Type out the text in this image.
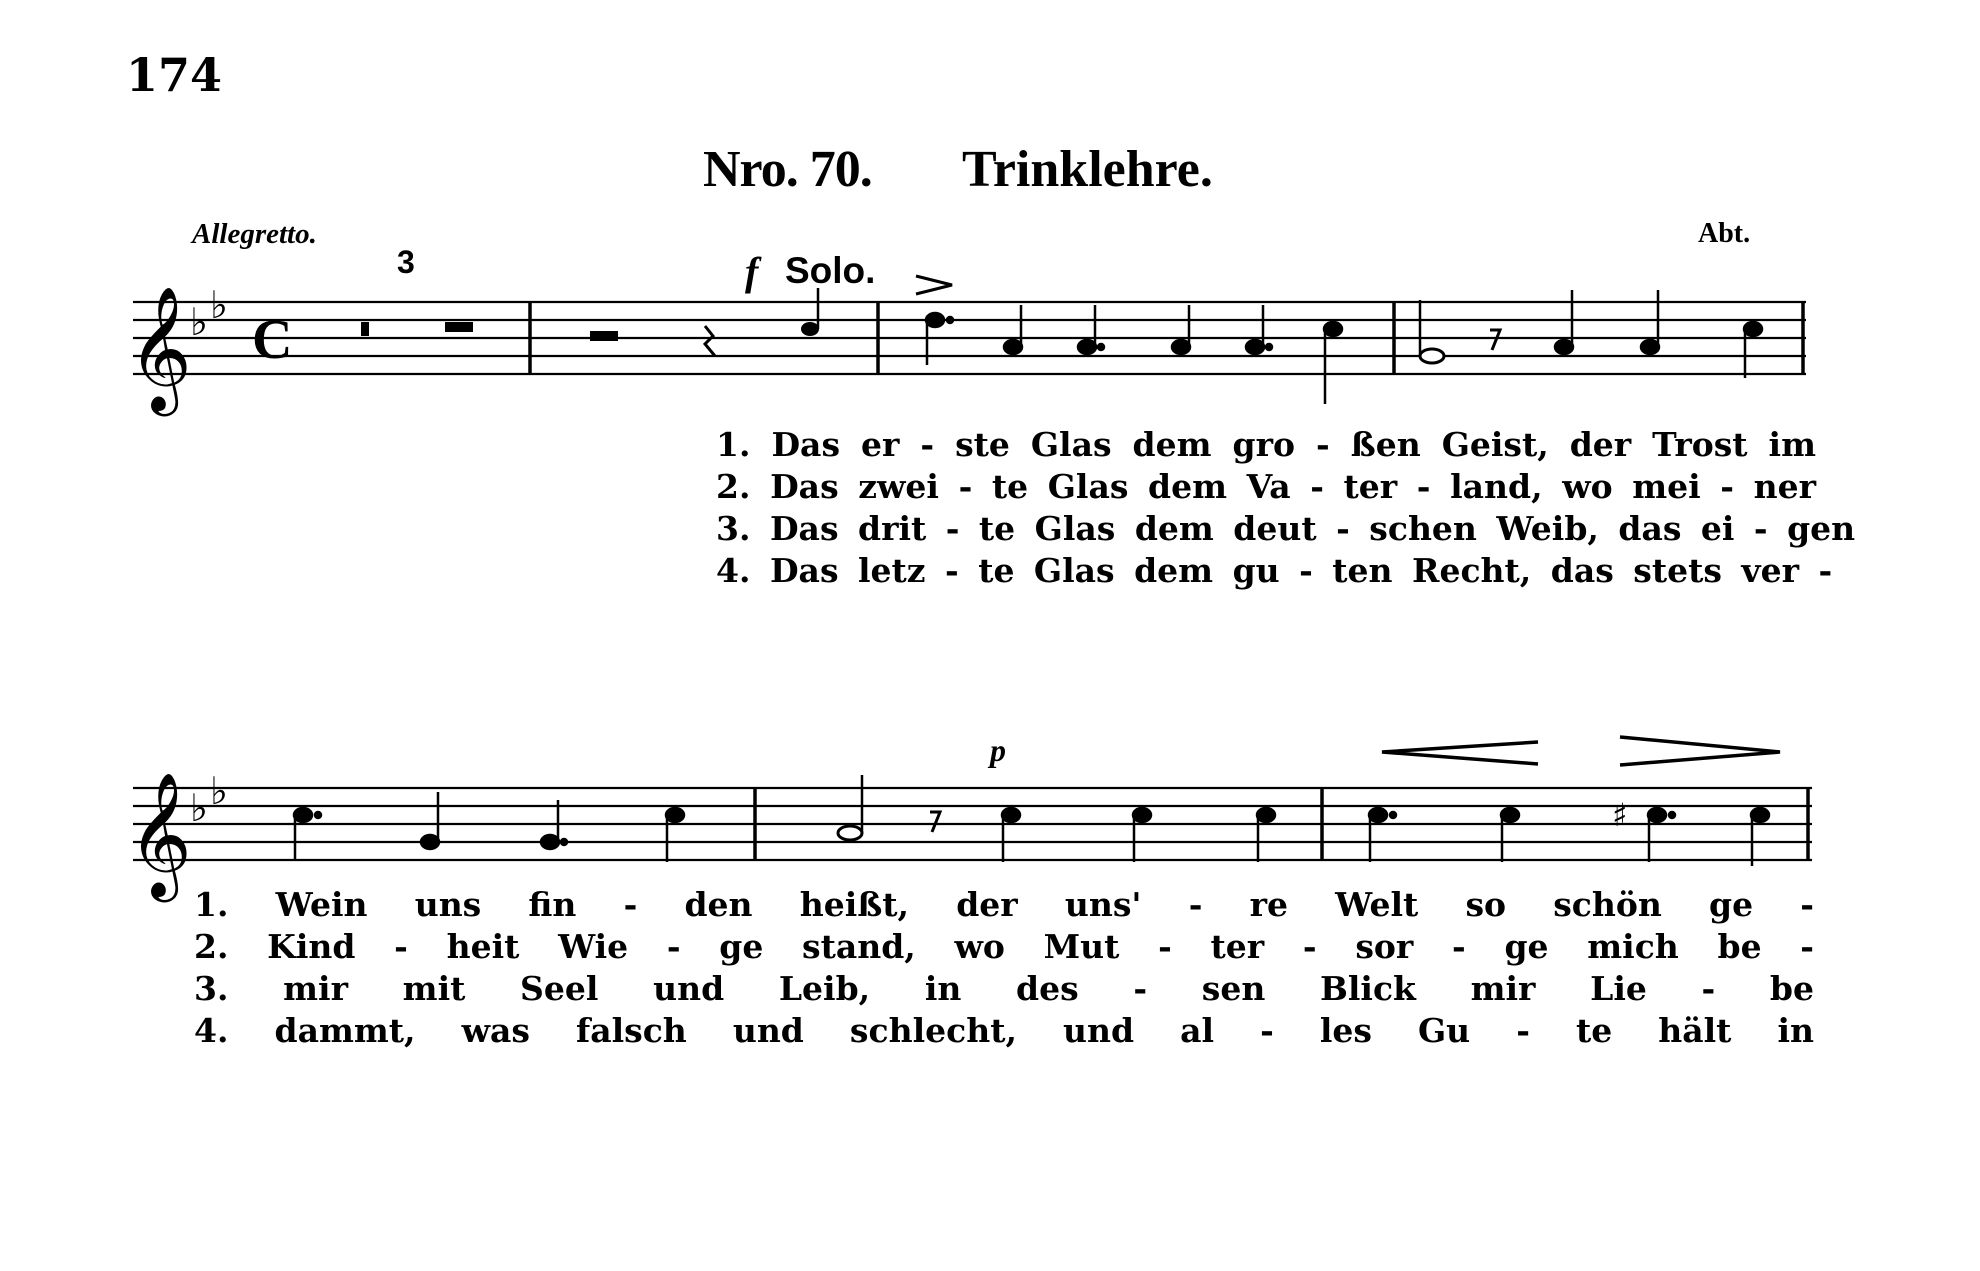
174
Nro. 70. Trinklehre.
Allegretto.	Abt.
3	f Solo.
p
𝄞
𝄞
♭ ♭
♭ ♭
C
♯
1. Das er - ste Glas dem gro - ßen Geist, der Trost im
2. Das zwei - te Glas dem Va - ter - land, wo mei - ner
3. Das drit - te Glas dem deut - schen Weib, das ei - gen
4. Das letz - te Glas dem gu - ten Recht, das stets ver -
1. Wein uns fin - den heißt, der uns' - re Welt so schön ge -
2. Kind - heit Wie - ge stand, wo Mut - ter - sor - ge mich be -
3. mir mit Seel und Leib, in des - sen Blick mir Lie - be
4. dammt, was falsch und schlecht, und al - les Gu - te hält in
